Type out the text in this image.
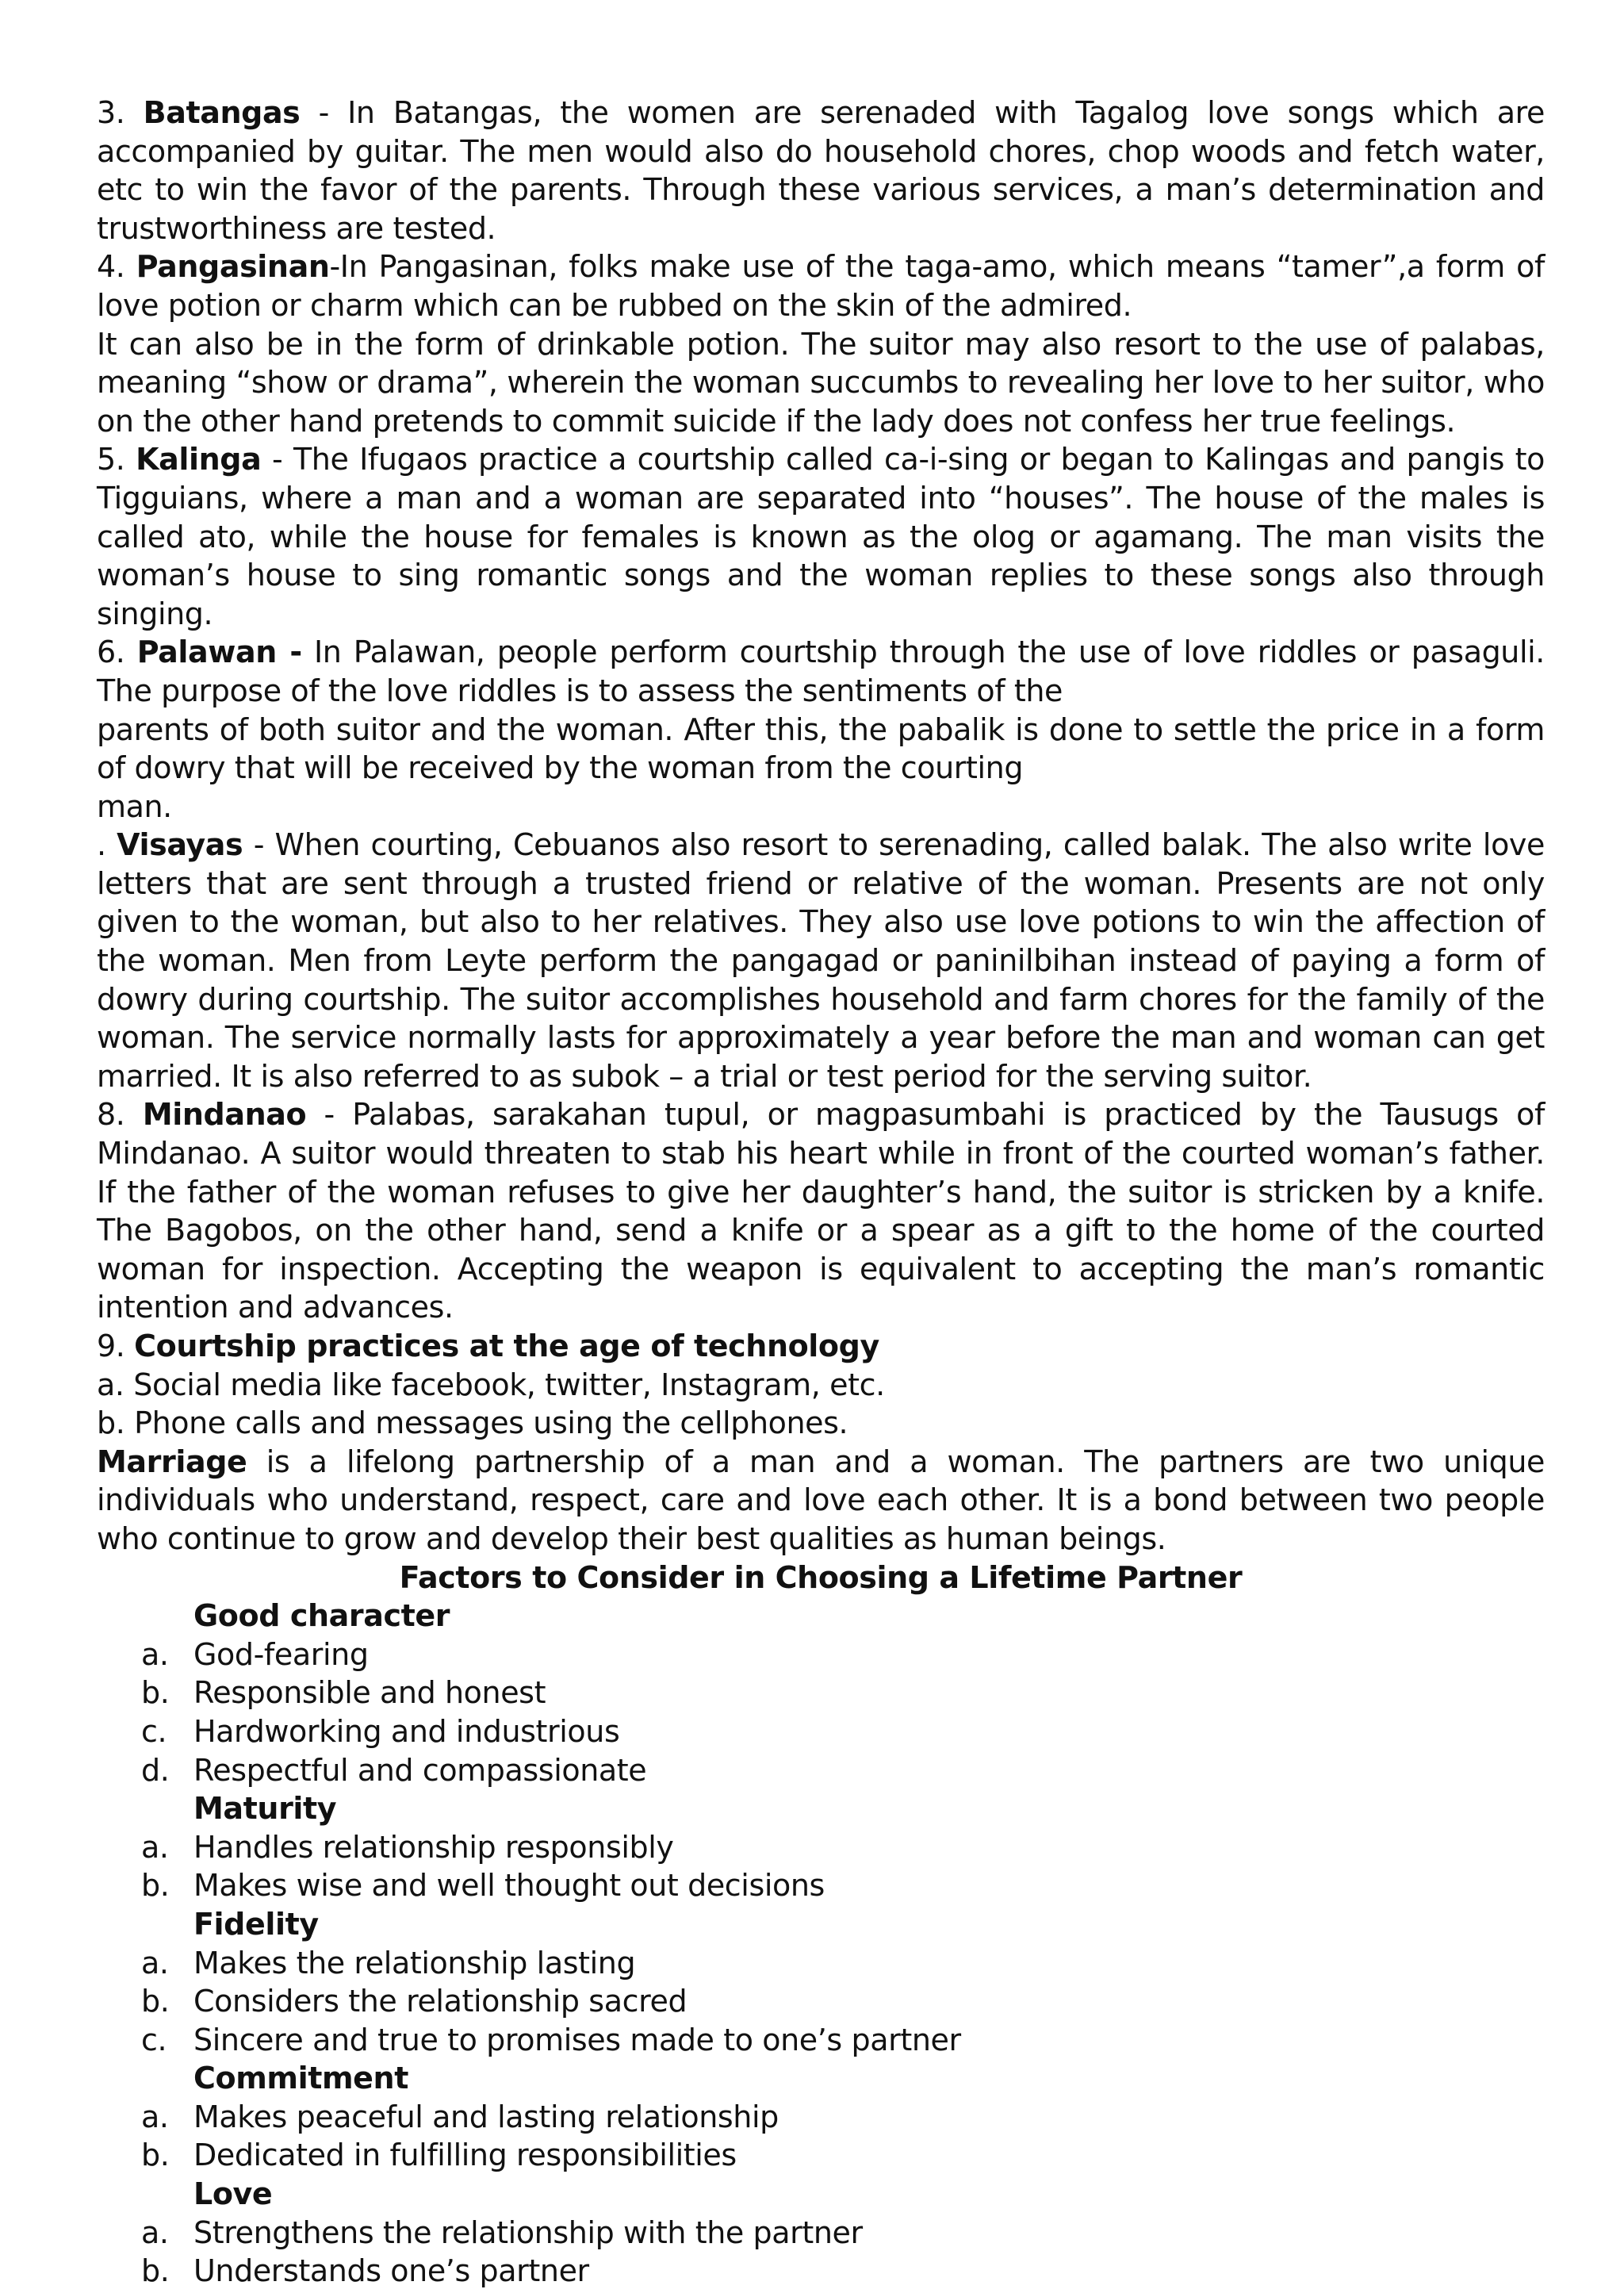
3. Batangas - In Batangas, the women are serenaded with Tagalog love songs which are accompanied by guitar. The men would also do household chores, chop woods and fetch water, etc to win the favor of the parents. Through these various services, a man’s determination and trustworthiness are tested.

4. Pangasinan-In Pangasinan, folks make use of the taga-amo, which means “tamer”,a form of love potion or charm which can be rubbed on the skin of the admired.

It can also be in the form of drinkable potion. The suitor may also resort to the use of palabas, meaning “show or drama”, wherein the woman succumbs to revealing her love to her suitor, who on the other hand pretends to commit suicide if the lady does not confess her true feelings.

5. Kalinga - The Ifugaos practice a courtship called ca-i-sing or began to Kalingas and pangis to Tigguians, where a man and a woman are separated into “houses”. The house of the males is called ato, while the house for females is known as the olog or agamang. The man visits the woman’s house to sing romantic songs and the woman replies to these songs also through singing.

6. Palawan - In Palawan, people perform courtship through the use of love riddles or pasaguli. The purpose of the love riddles is to assess the sentiments of the

parents of both suitor and the woman. After this, the pabalik is done to settle the price in a form of dowry that will be received by the woman from the courting

man.

. Visayas - When courting, Cebuanos also resort to serenading, called balak. The also write love letters that are sent through a trusted friend or relative of the woman. Presents are not only given to the woman, but also to her relatives. They also use love potions to win the affection of the woman. Men from Leyte perform the pangagad or paninilbihan instead of paying a form of dowry during courtship. The suitor accomplishes household and farm chores for the family of the woman. The service normally lasts for approximately a year before the man and woman can get married. It is also referred to as subok – a trial or test period for the serving suitor.

8. Mindanao - Palabas, sarakahan tupul, or magpasumbahi is practiced by the Tausugs of Mindanao. A suitor would threaten to stab his heart while in front of the courted woman’s father. If the father of the woman refuses to give her daughter’s hand, the suitor is stricken by a knife. The Bagobos, on the other hand, send a knife or a spear as a gift to the home of the courted woman for inspection. Accepting the weapon is equivalent to accepting the man’s romantic intention and advances.

9. Courtship practices at the age of technology

a. Social media like facebook, twitter, Instagram, etc.

b. Phone calls and messages using the cellphones.

Marriage is a lifelong partnership of a man and a woman. The partners are two unique individuals who understand, respect, care and love each other. It is a bond between two people who continue to grow and develop their best qualities as human beings.

Factors to Consider in Choosing a Lifetime Partner

Good character

a. God-fearing
b. Responsible and honest
c. Hardworking and industrious
d. Respectful and compassionate

Maturity

a. Handles relationship responsibly
b. Makes wise and well thought out decisions

Fidelity

a. Makes the relationship lasting
b. Considers the relationship sacred
c. Sincere and true to promises made to one’s partner

Commitment

a. Makes peaceful and lasting relationship
b. Dedicated in fulfilling responsibilities

Love

a. Strengthens the relationship with the partner
b. Understands one’s partner
